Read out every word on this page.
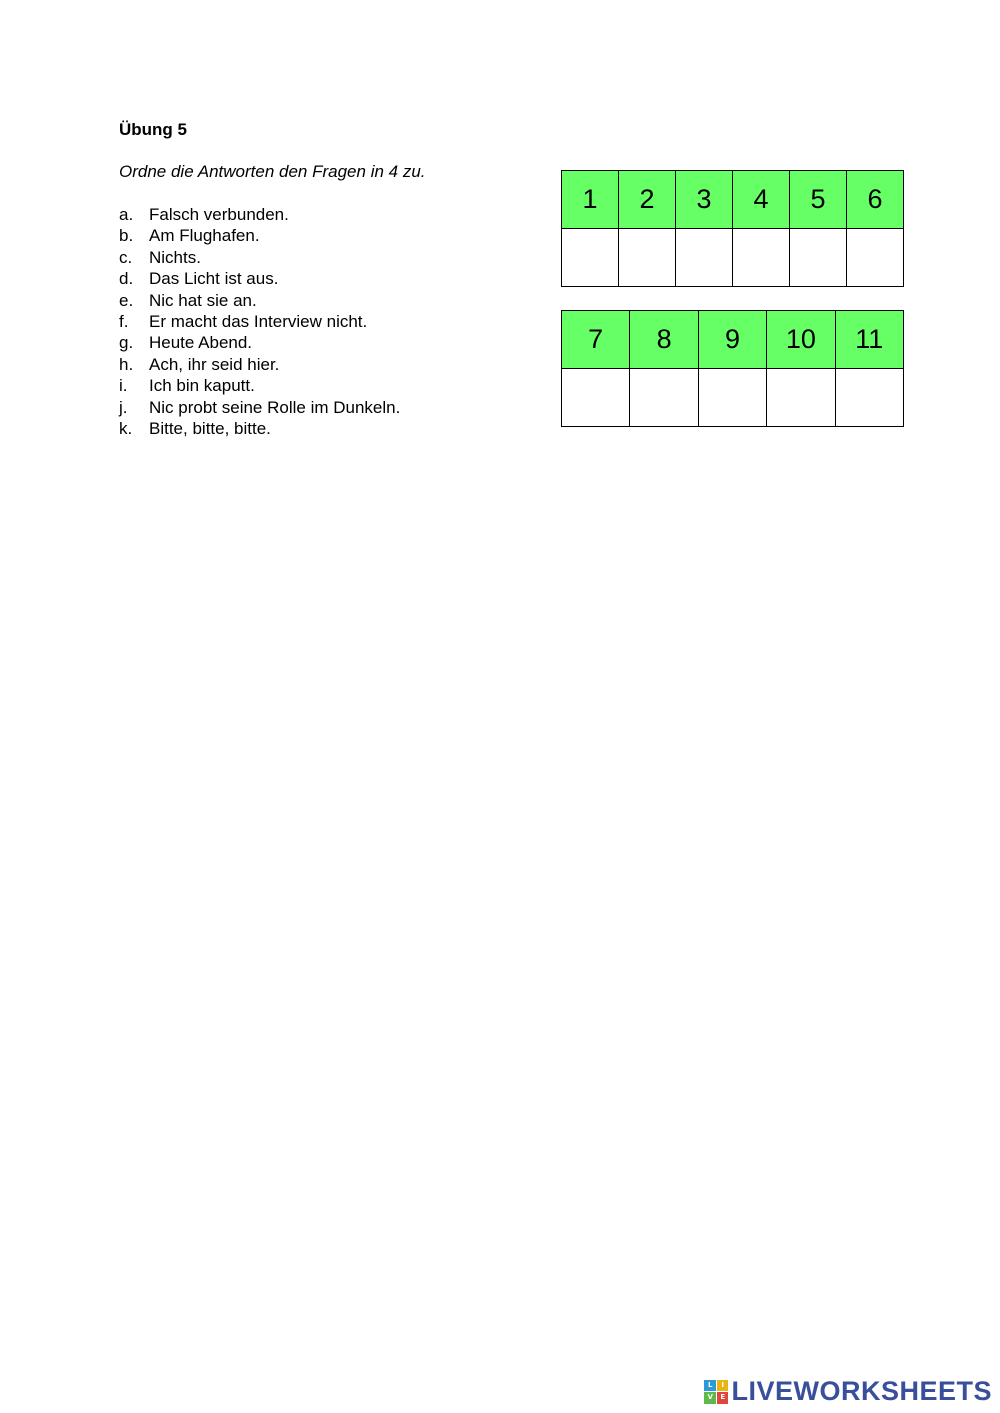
Übung 5

Ordne die Antworten den Fragen in 4 zu.

a. Falsch verbunden.
b. Am Flughafen.
c. Nichts.
d. Das Licht ist aus.
e. Nic hat sie an.
f. Er macht das Interview nicht.
g. Heute Abend.
h. Ach, ihr seid hier.
i. Ich bin kaputt.
j. Nic probt seine Rolle im Dunkeln.
k. Bitte, bitte, bitte.
1	2	3	4	5	6

7	8	9	10	11

L	I
V	E LIVEWORKSHEETS
